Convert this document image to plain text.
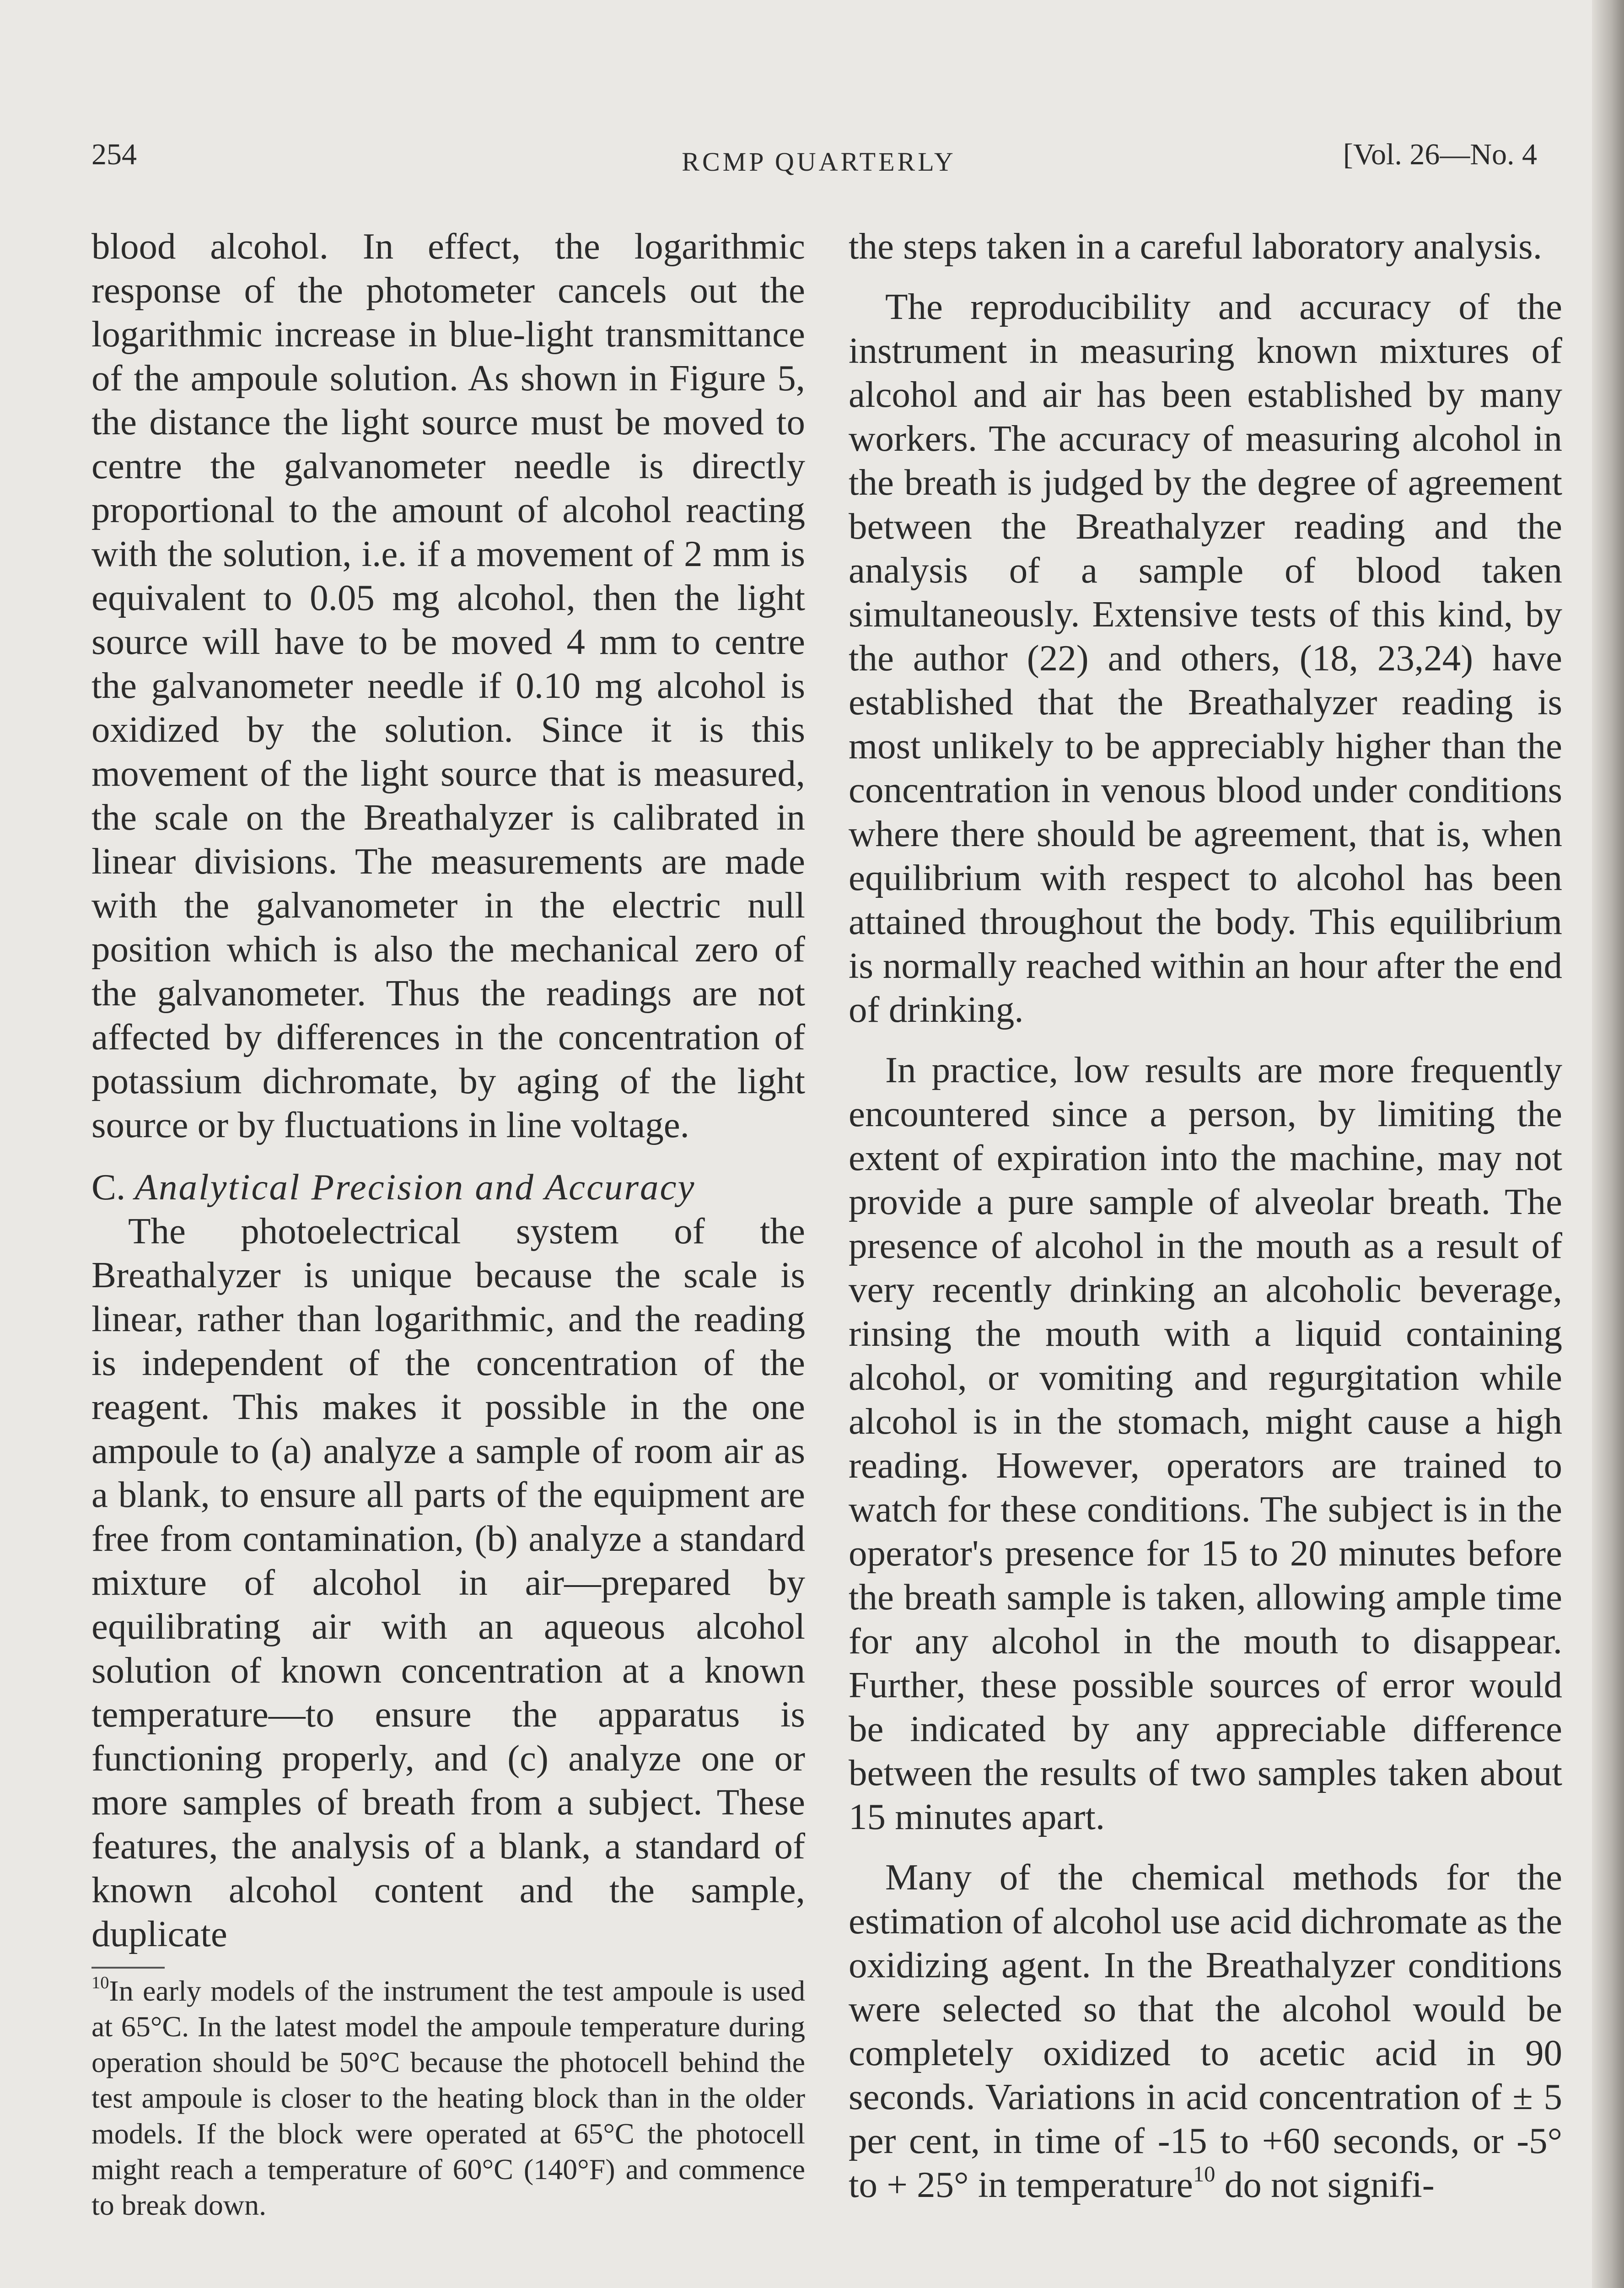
254	RCMP QUARTERLY	[Vol. 26—No. 4

blood alcohol. In effect, the logarithmic response of the photometer cancels out the logarithmic increase in blue-light transmittance of the ampoule solution. As shown in Figure 5, the distance the light source must be moved to centre the galvanometer needle is directly proportional to the amount of alcohol reacting with the solution, i.e. if a movement of 2 mm is equivalent to 0.05 mg alcohol, then the light source will have to be moved 4 mm to centre the galvanometer needle if 0.10 mg alcohol is oxidized by the solution. Since it is this movement of the light source that is measured, the scale on the Breathalyzer is calibrated in linear divisions. The measurements are made with the galvanometer in the electric null position which is also the mechanical zero of the galvanometer. Thus the readings are not affected by differences in the concentration of potassium dichromate, by aging of the light source or by fluctuations in line voltage.

C. Analytical Precision and Accuracy

The photoelectrical system of the Breathalyzer is unique because the scale is linear, rather than logarithmic, and the reading is independent of the concentration of the reagent. This makes it possible in the one ampoule to (a) analyze a sample of room air as a blank, to ensure all parts of the equipment are free from contamination, (b) analyze a standard mixture of alcohol in air—prepared by equilibrating air with an aqueous alcohol solution of known concentration at a known temperature—to ensure the apparatus is functioning properly, and (c) analyze one or more samples of breath from a subject. These features, the analysis of a blank, a standard of known alcohol content and the sample, duplicate

$^{10}$In early models of the instrument the test ampoule is used at 65°C. In the latest model the ampoule temperature during operation should be 50°C because the photocell behind the test ampoule is closer to the heating block than in the older models. If the block were operated at 65°C the photocell might reach a temperature of 60°C (140°F) and commence to break down.

the steps taken in a careful laboratory analysis.

The reproducibility and accuracy of the instrument in measuring known mixtures of alcohol and air has been established by many workers. The accuracy of measuring alcohol in the breath is judged by the degree of agreement between the Breathalyzer reading and the analysis of a sample of blood taken simultaneously. Extensive tests of this kind, by the author (22) and others, (18, 23,24) have established that the Breathalyzer reading is most unlikely to be appreciably higher than the concentration in venous blood under conditions where there should be agreement, that is, when equilibrium with respect to alcohol has been attained throughout the body. This equilibrium is normally reached within an hour after the end of drinking.

In practice, low results are more frequently encountered since a person, by limiting the extent of expiration into the machine, may not provide a pure sample of alveolar breath. The presence of alcohol in the mouth as a result of very recently drinking an alcoholic beverage, rinsing the mouth with a liquid containing alcohol, or vomiting and regurgitation while alcohol is in the stomach, might cause a high reading. However, operators are trained to watch for these conditions. The subject is in the operator's presence for 15 to 20 minutes before the breath sample is taken, allowing ample time for any alcohol in the mouth to disappear. Further, these possible sources of error would be indicated by any appreciable difference between the results of two samples taken about 15 minutes apart.

Many of the chemical methods for the estimation of alcohol use acid dichromate as the oxidizing agent. In the Breathalyzer conditions were selected so that the alcohol would be completely oxidized to acetic acid in 90 seconds. Variations in acid concentration of ± 5 per cent, in time of -15 to +60 seconds, or -5° to + 25° in temperature$^{10}$ do not signifi-
